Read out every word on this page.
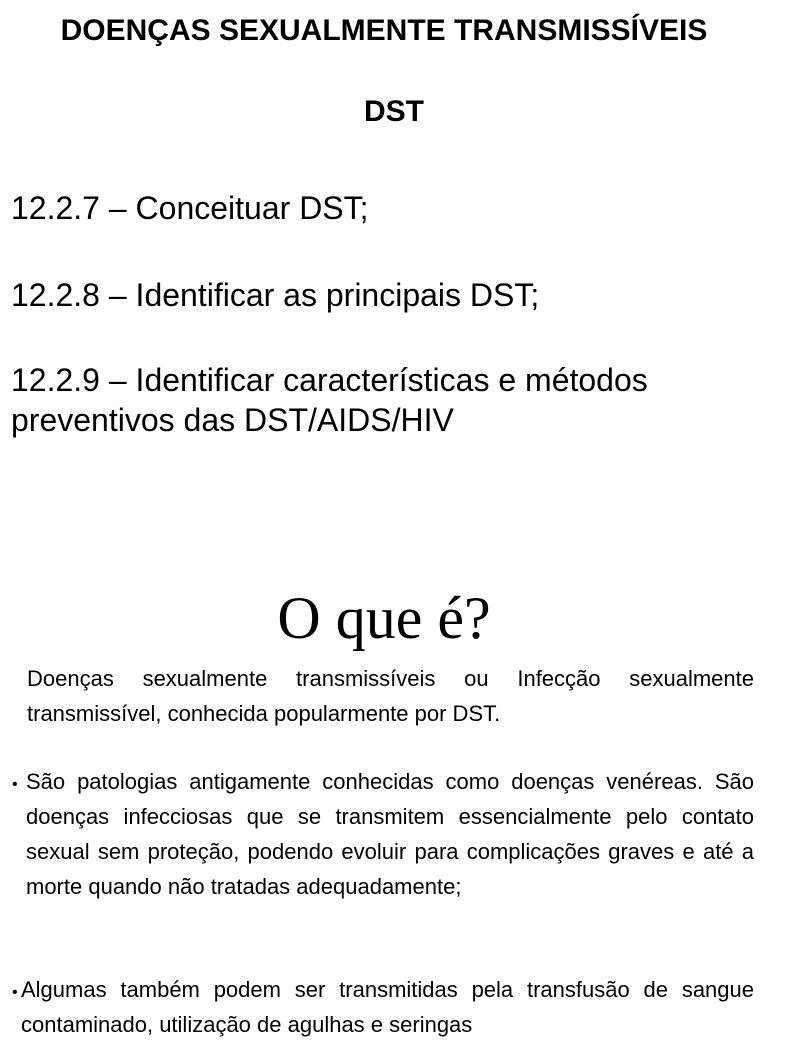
DOENÇAS SEXUALMENTE TRANSMISSÍVEIS
DST

12.2.7 – Conceituar DST;

12.2.8 – Identificar as principais DST;

12.2.9 – Identificar características e métodos preventivos das DST/AIDS/HIV

O que é?

Doenças sexualmente transmissíveis ou Infecção sexualmente transmissível, conhecida popularmente por DST.

• São patologias antigamente conhecidas como doenças venéreas. São doenças infecciosas que se transmitem essencialmente pelo contato sexual sem proteção, podendo evoluir para complicações graves e até a morte quando não tratadas adequadamente;
• Algumas também podem ser transmitidas pela transfusão de sangue contaminado, utilização de agulhas e seringas
